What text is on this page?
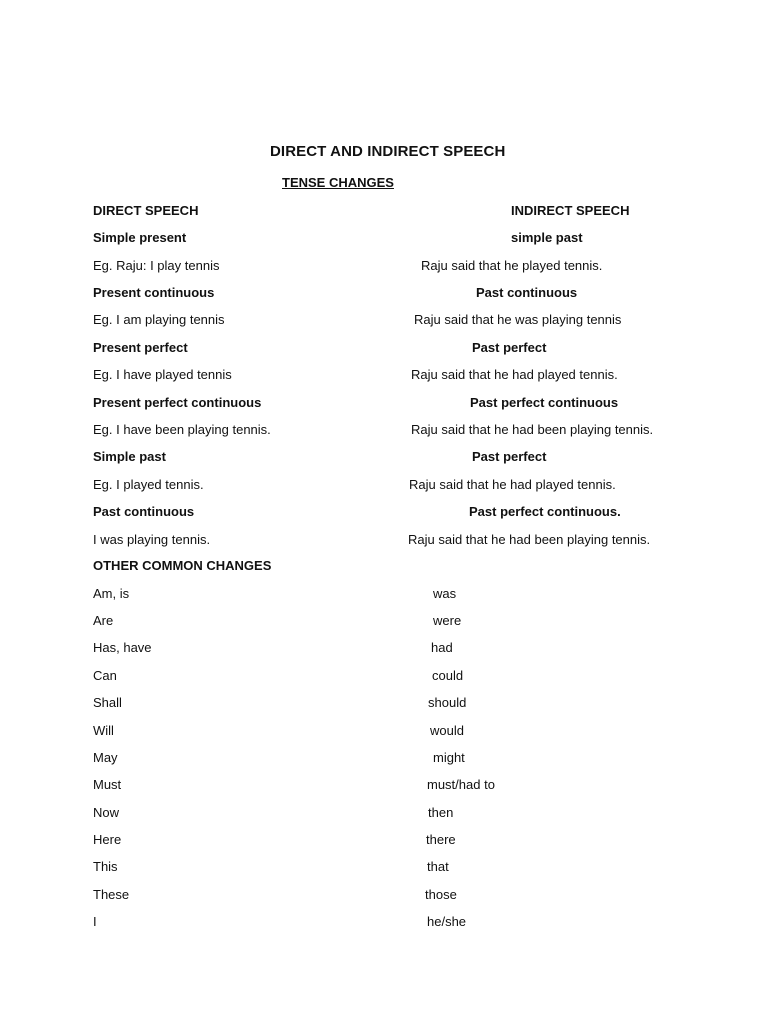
DIRECT AND INDIRECT SPEECH
TENSE CHANGES
DIRECT SPEECH	INDIRECT SPEECH
Simple present	simple past
Eg. Raju: I play tennis	Raju said that he played tennis.
Present continuous	Past continuous
Eg. I am playing tennis	Raju said that he was playing tennis
Present perfect	Past perfect
Eg. I have played tennis	Raju said that he had played tennis.
Present perfect continuous	Past perfect continuous
Eg. I have been playing tennis.	Raju said that he had been playing tennis.
Simple past	Past perfect
Eg. I played tennis.	Raju said that he had played tennis.
Past continuous	Past perfect continuous.
I was playing tennis.	Raju said that he had been playing tennis.
OTHER COMMON CHANGES
Am, is	was
Are	were
Has, have	had
Can	could
Shall	should
Will	would
May	might
Must	must/had to
Now	then
Here	there
This	that
These	those
I	he/she
